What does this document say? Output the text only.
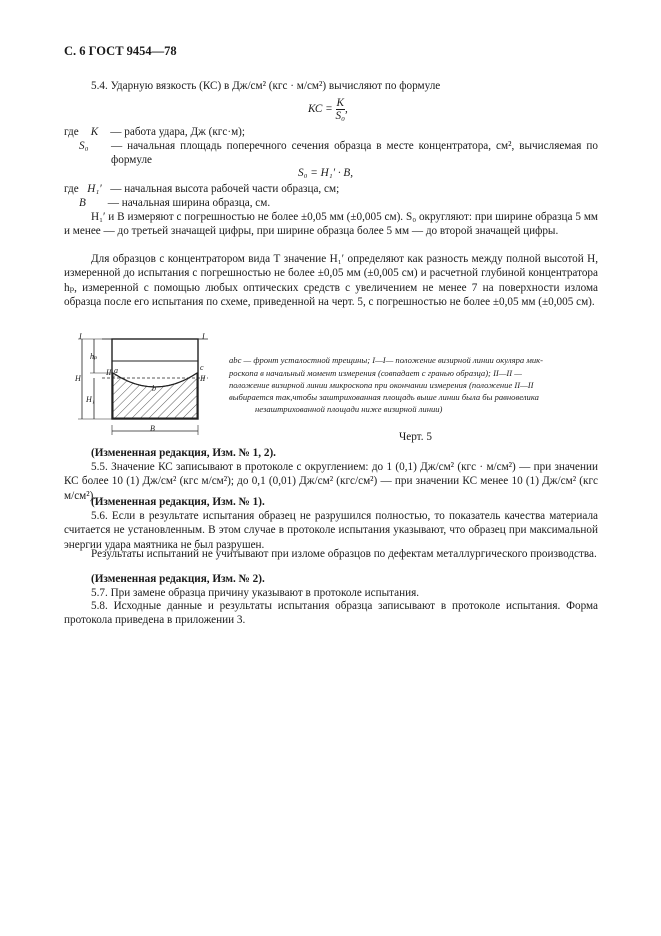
С. 6 ГОСТ 9454—78
5.4. Ударную вязкость (КС) в Дж/см² (кгс · м/см²) вычисляют по формуле
КС = $\frac{K}{\text{S₀}}$ ,
где K — работа удара, Дж (кгс·м);
S₀ — начальная площадь поперечного сечения образца в месте концентратора, см², вычисляемая по формуле
S₀ = H₁′ · B,
где H₁′ — начальная высота рабочей части образца, см;
B — начальная ширина образца, см.
H₁′ и B измеряют с погрешностью не более ±0,05 мм (±0,005 см). S₀ округляют: при ширине образца 5 мм и менее — до третьей значащей цифры, при ширине образца более 5 мм — до второй значащей цифры.
Для образцов с концентратором вида Т значение H₁′ определяют как разность между полной высотой H, измеренной до испытания с погрешностью не более ±0,05 мм (±0,005 см) и расчетной глубиной концентратора hₚ, измеренной с помощью любых оптических средств с увеличением не менее 7 на поверхности излома образца после его испытания по схеме, приведенной на черт. 5, с погрешностью не более ±0,05 мм (±0,005 см).
I	I
hₚ
H
H₁
II
II
a
b
c
B
abc — фронт усталостной трещины; I—I— положение визирной линии окуляра мик-
роскопа в начальный момент измерения (совпадает с гранью образца); II—II —
положение визирной линии микроскопа при окончании измерения (положение II—II
выбирается так,чтобы заштрихованная площадь выше линии была бы равновелика
незаштрихованной площади ниже визирной линии)
Черт. 5
(Измененная редакция, Изм. № 1, 2).
5.5. Значение КС записывают в протоколе с округлением: до 1 (0,1) Дж/см² (кгс · м/см²) — при значении КС более 10 (1) Дж/см² (кгс м/см²); до 0,1 (0,01) Дж/см² (кгс/см²) — при значении КС менее 10 (1) Дж/см² (кгс м/см²).
(Измененная редакция, Изм. № 1).
5.6. Если в результате испытания образец не разрушился полностью, то показатель качества материала считается не установленным. В этом случае в протоколе испытания указывают, что образец при максимальной энергии удара маятника не был разрушен.
Результаты испытаний не учитывают при изломе образцов по дефектам металлургического производства.
(Измененная редакция, Изм. № 2).
5.7. При замене образца причину указывают в протоколе испытания.
5.8. Исходные данные и результаты испытания образца записывают в протоколе испытания. Форма протокола приведена в приложении 3.
